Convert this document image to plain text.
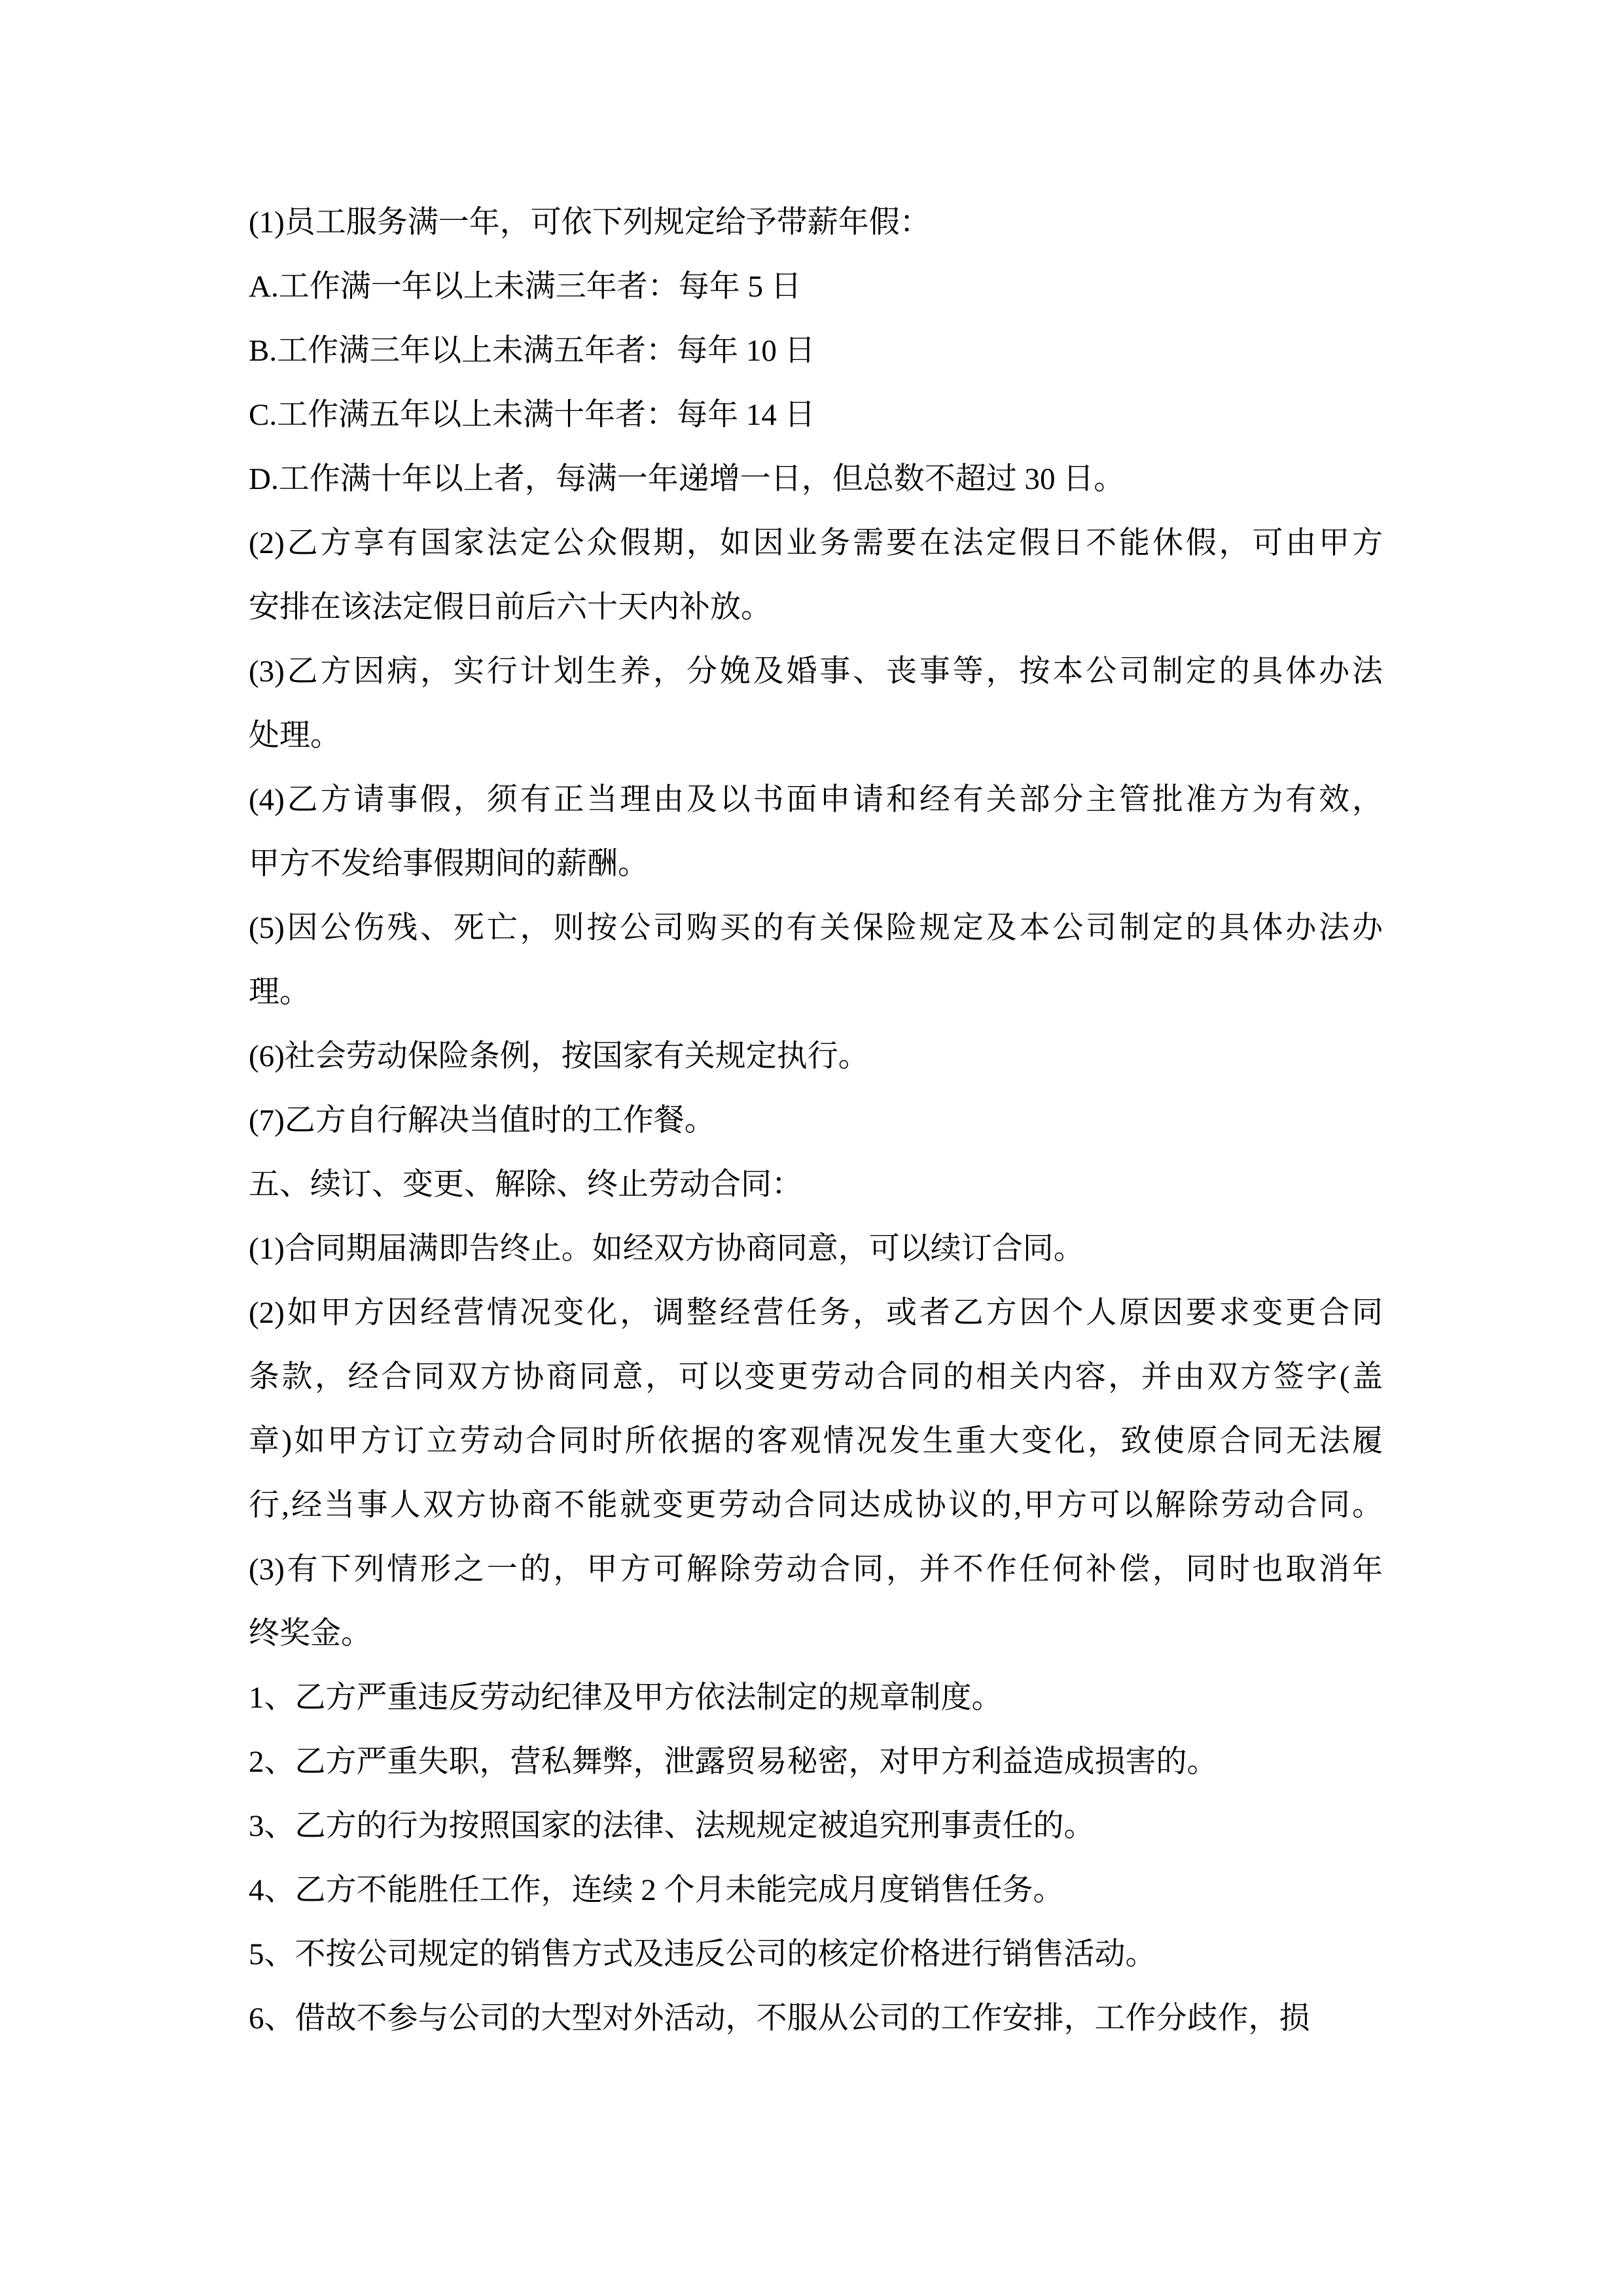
(1)员工服务满一年，可依下列规定给予带薪年假：
A.工作满一年以上未满三年者：每年 5 日
B.工作满三年以上未满五年者：每年 10 日
C.工作满五年以上未满十年者：每年 14 日
D.工作满十年以上者，每满一年递增一日，但总数不超过 30 日。
(2)乙方享有国家法定公众假期，如因业务需要在法定假日不能休假，可由甲方
安排在该法定假日前后六十天内补放。
(3)乙方因病，实行计划生养，分娩及婚事、丧事等，按本公司制定的具体办法
处理。
(4)乙方请事假，须有正当理由及以书面申请和经有关部分主管批准方为有效，
甲方不发给事假期间的薪酬。
(5)因公伤残、死亡，则按公司购买的有关保险规定及本公司制定的具体办法办
理。
(6)社会劳动保险条例，按国家有关规定执行。
(7)乙方自行解决当值时的工作餐。
五、续订、变更、解除、终止劳动合同：
(1)合同期届满即告终止。如经双方协商同意，可以续订合同。
(2)如甲方因经营情况变化，调整经营任务，或者乙方因个人原因要求变更合同
条款，经合同双方协商同意，可以变更劳动合同的相关内容，并由双方签字(盖
章)如甲方订立劳动合同时所依据的客观情况发生重大变化，致使原合同无法履
行,经当事人双方协商不能就变更劳动合同达成协议的,甲方可以解除劳动合同。
(3)有下列情形之一的，甲方可解除劳动合同，并不作任何补偿，同时也取消年
终奖金。
1、乙方严重违反劳动纪律及甲方依法制定的规章制度。
2、乙方严重失职，营私舞弊，泄露贸易秘密，对甲方利益造成损害的。
3、乙方的行为按照国家的法律、法规规定被追究刑事责任的。
4、乙方不能胜任工作，连续 2 个月未能完成月度销售任务。
5、不按公司规定的销售方式及违反公司的核定价格进行销售活动。
6、借故不参与公司的大型对外活动，不服从公司的工作安排，工作分歧作，损
